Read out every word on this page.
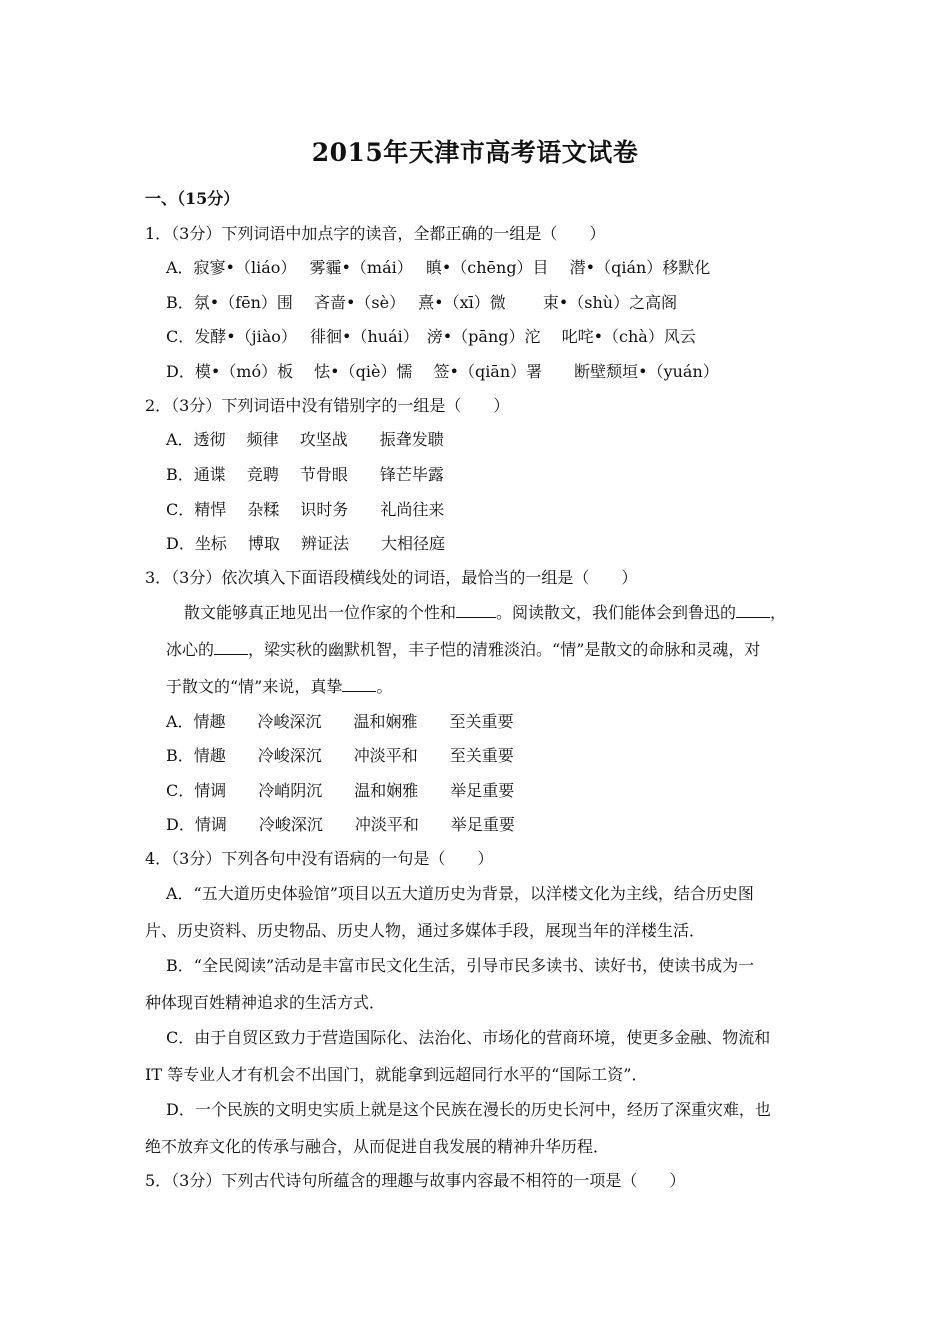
2015年天津市高考语文试卷
一、（15分）
1．（3分）下列词语中加点字的读音，全都正确的一组是（　　）
A．寂寥•（liáo）　 雾霾•（mái）　 瞋•（chēng）目　 潜•（qián）移默化
B．氛•（fēn）围　 吝啬•（sè）　 熹•（xī）微　　 束•（shù）之高阁
C．发酵•（jiào）　 徘徊•（huái）　滂•（pāng）沱　 叱咤•（chà）风云
D．模•（mó）板　 怯•（qiè）懦　 签•（qiān）署　　断壁颓垣•（yuán）
2．（3分）下列词语中没有错别字的一组是（　　）
A．透彻　 频律　 攻坚战　　振聋发聩
B．通谍　 竞聘　 节骨眼　　锋芒毕露
C．精悍　 杂糅　 识时务　　礼尚往来
D．坐标　 博取　 辨证法　　大相径庭
3．（3分）依次填入下面语段横线处的词语，最恰当的一组是（　　）
散文能够真正地见出一位作家的个性和	。阅读散文，我们能体会到鲁迅的 ，
冰心的 ，梁实秋的幽默机智，丰子恺的清雅淡泊。“情”是散文的命脉和灵魂，对
于散文的“情”来说，真挚 。
A．情趣　　冷峻深沉　　温和娴雅　　至关重要
B．情趣　　冷峻深沉　　冲淡平和　　至关重要
C．情调　　冷峭阴沉　　温和娴雅　　举足重要
D．情调　　冷峻深沉　　冲淡平和　　举足重要
4．（3分）下列各句中没有语病的一句是（　　）
A．“五大道历史体验馆”项目以五大道历史为背景，以洋楼文化为主线，结合历史图
片、历史资料、历史物品、历史人物，通过多媒体手段，展现当年的洋楼生活．
B．“全民阅读”活动是丰富市民文化生活，引导市民多读书、读好书，使读书成为一
种体现百姓精神追求的生活方式．
C．由于自贸区致力于营造国际化、法治化、市场化的营商环境，使更多金融、物流和
IT 等专业人才有机会不出国门，就能拿到远超同行水平的“国际工资”．
D．一个民族的文明史实质上就是这个民族在漫长的历史长河中，经历了深重灾难，也
绝不放弃文化的传承与融合，从而促进自我发展的精神升华历程．
5．（3分）下列古代诗句所蕴含的理趣与故事内容最不相符的一项是（　　）
